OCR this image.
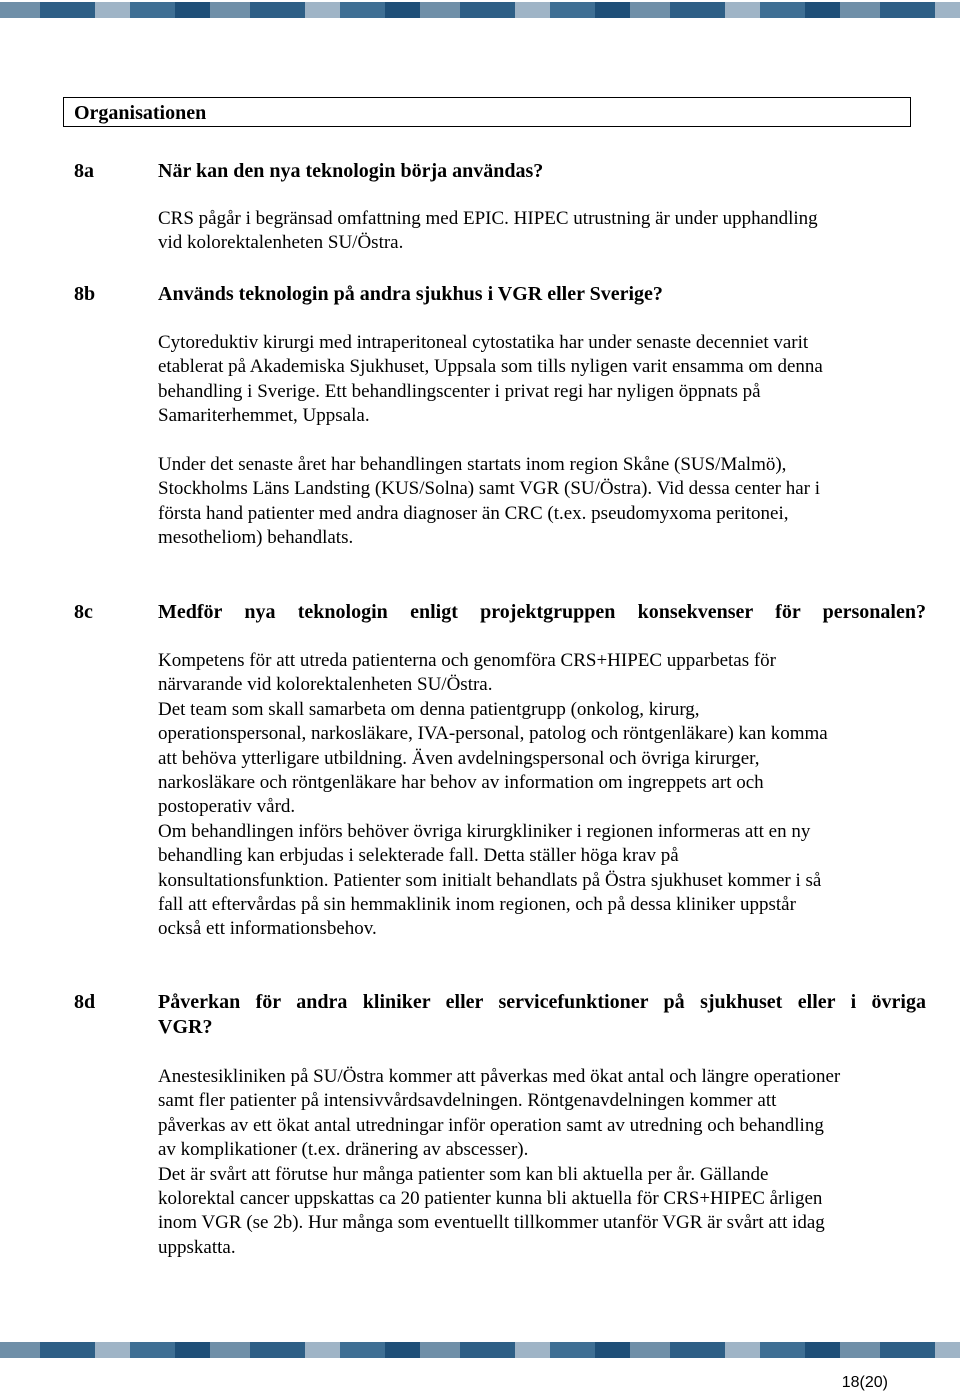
Organisationen
8a	När kan den nya teknologin börja användas?
CRS pågår i begränsad omfattning med EPIC. HIPEC utrustning är under upphandling
vid kolorektalenheten SU/Östra.
8b	Används teknologin på andra sjukhus i VGR eller Sverige?
Cytoreduktiv kirurgi med intraperitoneal cytostatika har under senaste decenniet varit
etablerat på Akademiska Sjukhuset, Uppsala som tills nyligen varit ensamma om denna
behandling i Sverige. Ett behandlingscenter i privat regi har nyligen öppnats på
Samariterhemmet, Uppsala.
Under det senaste året har behandlingen startats inom region Skåne (SUS/Malmö),
Stockholms Läns Landsting (KUS/Solna) samt VGR (SU/Östra). Vid dessa center har i
första hand patienter med andra diagnoser än CRC (t.ex. pseudomyxoma peritonei,
mesotheliom) behandlats.
8c	Medför nya teknologin enligt projektgruppen konsekvenser för personalen?
Kompetens för att utreda patienterna och genomföra CRS+HIPEC upparbetas för
närvarande vid kolorektalenheten SU/Östra.
Det team som skall samarbeta om denna patientgrupp (onkolog, kirurg,
operationspersonal, narkosläkare, IVA-personal, patolog och röntgenläkare) kan komma
att behöva ytterligare utbildning. Även avdelningspersonal och övriga kirurger,
narkosläkare och röntgenläkare har behov av information om ingreppets art och
postoperativ vård.
Om behandlingen införs behöver övriga kirurgkliniker i regionen informeras att en ny
behandling kan erbjudas i selekterade fall. Detta ställer höga krav på
konsultationsfunktion. Patienter som initialt behandlats på Östra sjukhuset kommer i så
fall att eftervårdas på sin hemmaklinik inom regionen, och på dessa kliniker uppstår
också ett informationsbehov.
8d	Påverkan för andra kliniker eller servicefunktioner på sjukhuset eller i övriga
VGR?
Anestesikliniken på SU/Östra kommer att påverkas med ökat antal och längre operationer
samt fler patienter på intensivvårdsavdelningen. Röntgenavdelningen kommer att
påverkas av ett ökat antal utredningar inför operation samt av utredning och behandling
av komplikationer (t.ex. dränering av abscesser).
Det är svårt att förutse hur många patienter som kan bli aktuella per år. Gällande
kolorektal cancer uppskattas ca 20 patienter kunna bli aktuella för CRS+HIPEC årligen
inom VGR (se 2b). Hur många som eventuellt tillkommer utanför VGR är svårt att idag
uppskatta.
18(20)
